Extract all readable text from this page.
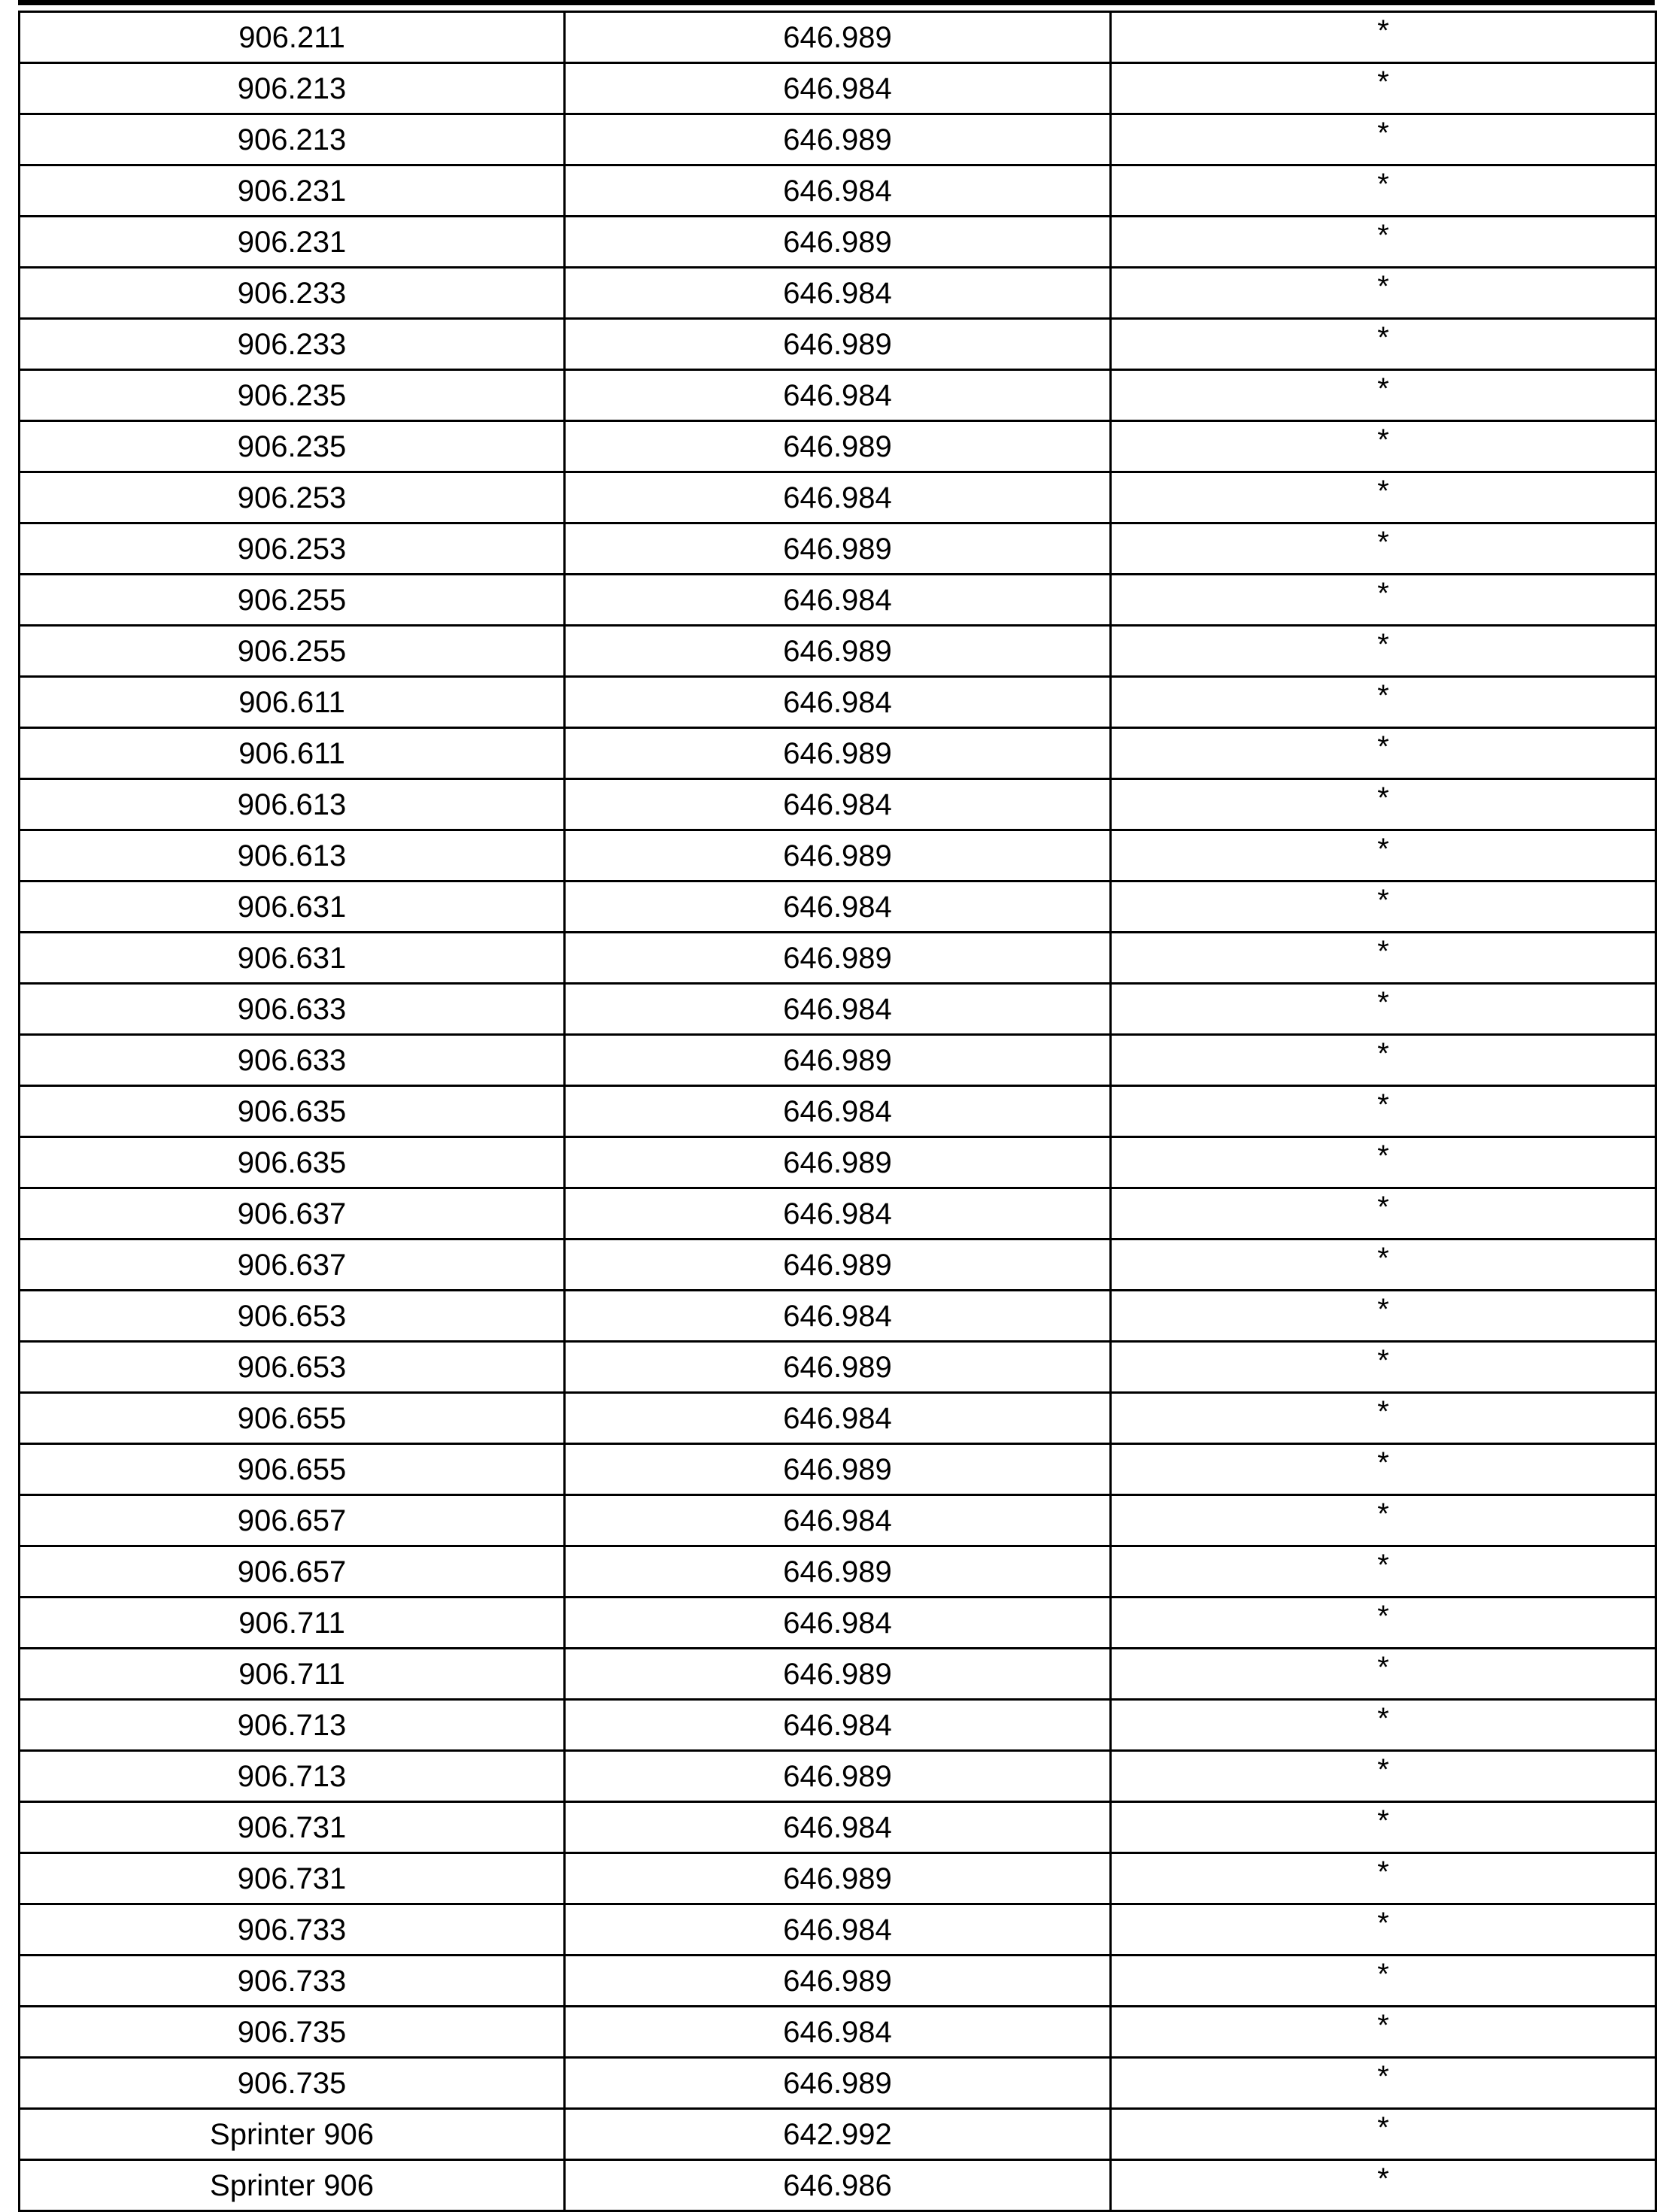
906.211	646.989	*
906.213	646.984	*
906.213	646.989	*
906.231	646.984	*
906.231	646.989	*
906.233	646.984	*
906.233	646.989	*
906.235	646.984	*
906.235	646.989	*
906.253	646.984	*
906.253	646.989	*
906.255	646.984	*
906.255	646.989	*
906.611	646.984	*
906.611	646.989	*
906.613	646.984	*
906.613	646.989	*
906.631	646.984	*
906.631	646.989	*
906.633	646.984	*
906.633	646.989	*
906.635	646.984	*
906.635	646.989	*
906.637	646.984	*
906.637	646.989	*
906.653	646.984	*
906.653	646.989	*
906.655	646.984	*
906.655	646.989	*
906.657	646.984	*
906.657	646.989	*
906.711	646.984	*
906.711	646.989	*
906.713	646.984	*
906.713	646.989	*
906.731	646.984	*
906.731	646.989	*
906.733	646.984	*
906.733	646.989	*
906.735	646.984	*
906.735	646.989	*
Sprinter 906	642.992	*
Sprinter 906	646.986	*
